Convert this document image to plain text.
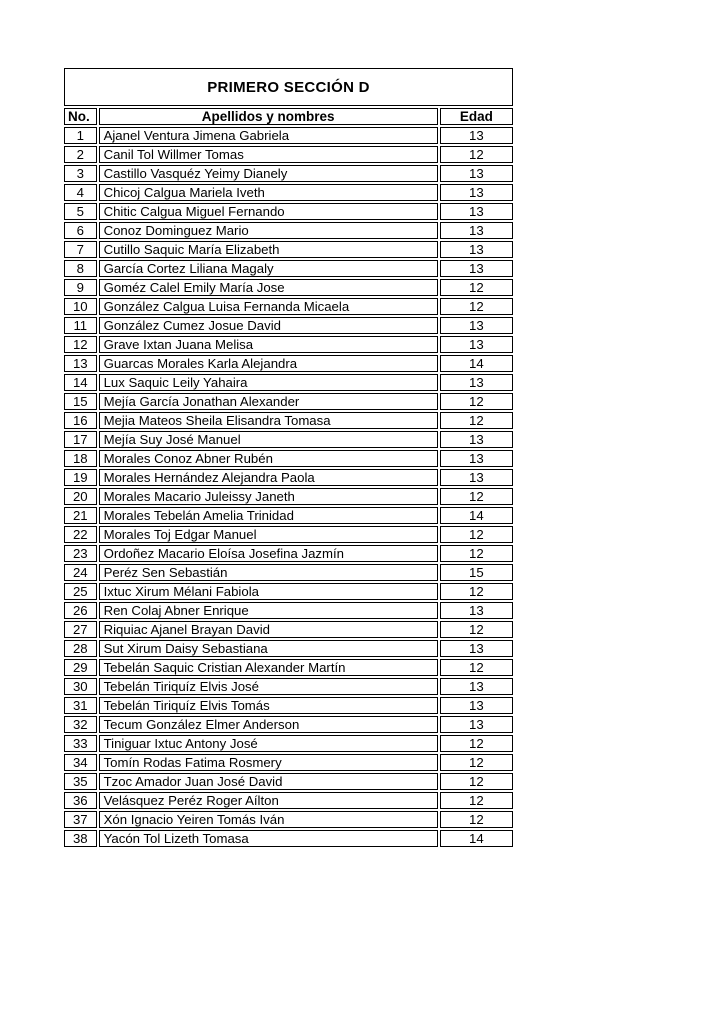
PRIMERO SECCIÓN D		
No.	Apellidos y nombres	Edad
1	Ajanel Ventura Jimena Gabriela	13
2	Canil Tol Willmer Tomas	12
3	Castillo Vasquéz Yeimy Dianely	13
4	Chicoj Calgua Mariela Iveth	13
5	Chitic Calgua Miguel Fernando	13
6	Conoz Dominguez Mario	13
7	Cutillo Saquic María Elizabeth	13
8	García Cortez Liliana Magaly	13
9	Goméz Calel Emily María Jose	12
10	González Calgua Luisa Fernanda Micaela	12
11	González Cumez Josue David	13
12	Grave Ixtan Juana Melisa	13
13	Guarcas Morales Karla Alejandra	14
14	Lux Saquic Leily Yahaira	13
15	Mejía García Jonathan Alexander	12
16	Mejia Mateos Sheila Elisandra Tomasa	12
17	Mejía Suy José Manuel	13
18	Morales Conoz Abner Rubén	13
19	Morales Hernández Alejandra Paola	13
20	Morales Macario Juleissy Janeth	12
21	Morales Tebelán Amelia Trinidad	14
22	Morales Toj Edgar Manuel	12
23	Ordoñez Macario Eloísa Josefina Jazmín	12
24	Peréz Sen Sebastián	15
25	Ixtuc Xirum Mélani Fabiola	12
26	Ren Colaj Abner Enrique	13
27	Riquiac Ajanel Brayan David	12
28	Sut Xirum Daisy Sebastiana	13
29	Tebelán Saquic Cristian Alexander Martín	12
30	Tebelán Tiriquíz Elvis José	13
31	Tebelán Tiriquíz Elvis Tomás	13
32	Tecum González Elmer Anderson	13
33	Tiniguar Ixtuc Antony José	12
34	Tomín Rodas Fatima Rosmery	12
35	Tzoc Amador Juan José David	12
36	Velásquez Peréz Roger Aílton	12
37	Xón Ignacio Yeiren Tomás Iván	12
38	Yacón Tol Lizeth Tomasa	14
